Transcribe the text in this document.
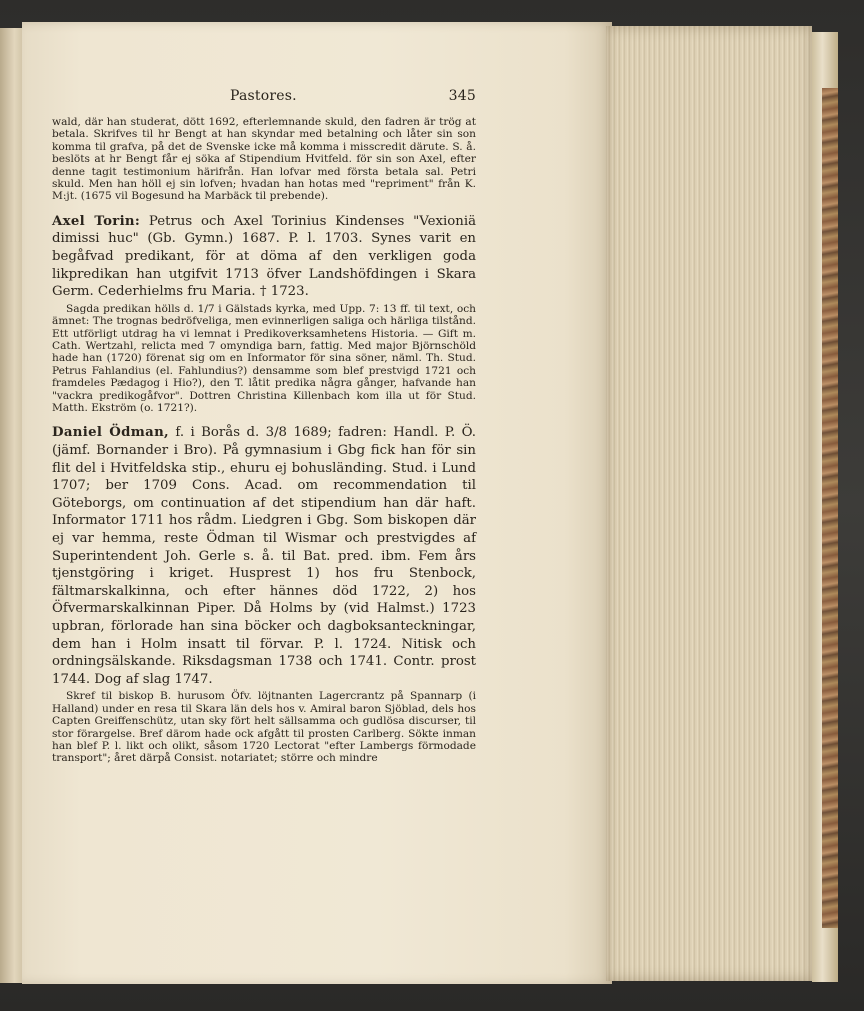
Pastores.	345

wald, där han studerat, dött 1692, efterlemnande skuld, den fadren är trög at betala. Skrifves til hr Bengt at han skyndar med betalning och låter sin son komma til grafva, på det de Svenske icke må komma i misscredit därute. S. å. beslöts at hr Bengt får ej söka af Stipendium Hvitfeld. för sin son Axel, efter denne tagit testimonium härifrån. Han lofvar med första betala sal. Petri skuld. Men han höll ej sin lofven; hvadan han hotas med "repriment" från K. M:jt. (1675 vil Bogesund ha Marbäck til prebende).

Axel Torin: Petrus och Axel Torinius Kindenses "Vexioniä dimissi huc" (Gb. Gymn.) 1687. P. l. 1703. Synes varit en begåfvad predikant, för at döma af den verkligen goda likpredikan han utgifvit 1713 öfver Landshöfdingen i Skara Germ. Cederhielms fru Maria. † 1723.

Sagda predikan hölls d. 1/7 i Gälstads kyrka, med Upp. 7: 13 ff. til text, och ämnet: The trognas bedröfveliga, men evinnerligen saliga och härliga tilstånd. Ett utförligt utdrag ha vi lemnat i Predikoverksamhetens Historia. — Gift m. Cath. Wertzahl, relicta med 7 omyndiga barn, fattig. Med major Björnschöld hade han (1720) förenat sig om en Informator för sina söner, näml. Th. Stud. Petrus Fahlandius (el. Fahlundius?) densamme som blef prestvigd 1721 och framdeles Pædagog i Hio?), den T. låtit predika några gånger, hafvande han "vackra predikogåfvor". Dottren Christina Killenbach kom illa ut för Stud. Matth. Ekström (o. 1721?).

Daniel Ödman, f. i Borås d. 3/8 1689; fadren: Handl. P. Ö. (jämf. Bornander i Bro). På gymnasium i Gbg fick han för sin flit del i Hvitfeldska stip., ehuru ej bohusländing. Stud. i Lund 1707; ber 1709 Cons. Acad. om recommendation til Göteborgs, om continuation af det stipendium han där haft. Informator 1711 hos rådm. Liedgren i Gbg. Som biskopen där ej var hemma, reste Ödman til Wismar och prestvigdes af Superintendent Joh. Gerle s. å. til Bat. pred. ibm. Fem års tjenstgöring i kriget. Husprest 1) hos fru Stenbock, fältmarskalkinna, och efter hännes död 1722, 2) hos Öfvermarskalkinnan Piper. Då Holms by (vid Halmst.) 1723 upbran, förlorade han sina böcker och dagboksanteckningar, dem han i Holm insatt til förvar. P. l. 1724. Nitisk och ordningsälskande. Riksdagsman 1738 och 1741. Contr. prost 1744. Dog af slag 1747.

Skref til biskop B. hurusom Öfv. löjtnanten Lagercrantz på Spannarp (i Halland) under en resa til Skara län dels hos v. Amiral baron Sjöblad, dels hos Capten Greiffenschütz, utan sky fört helt sällsamma och gudlösa discurser, til stor förargelse. Bref därom hade ock afgått til prosten Carlberg. Sökte inman han blef P. l. likt och olikt, såsom 1720 Lectorat "efter Lambergs förmodade transport"; året därpå Consist. notariatet; större och mindre
